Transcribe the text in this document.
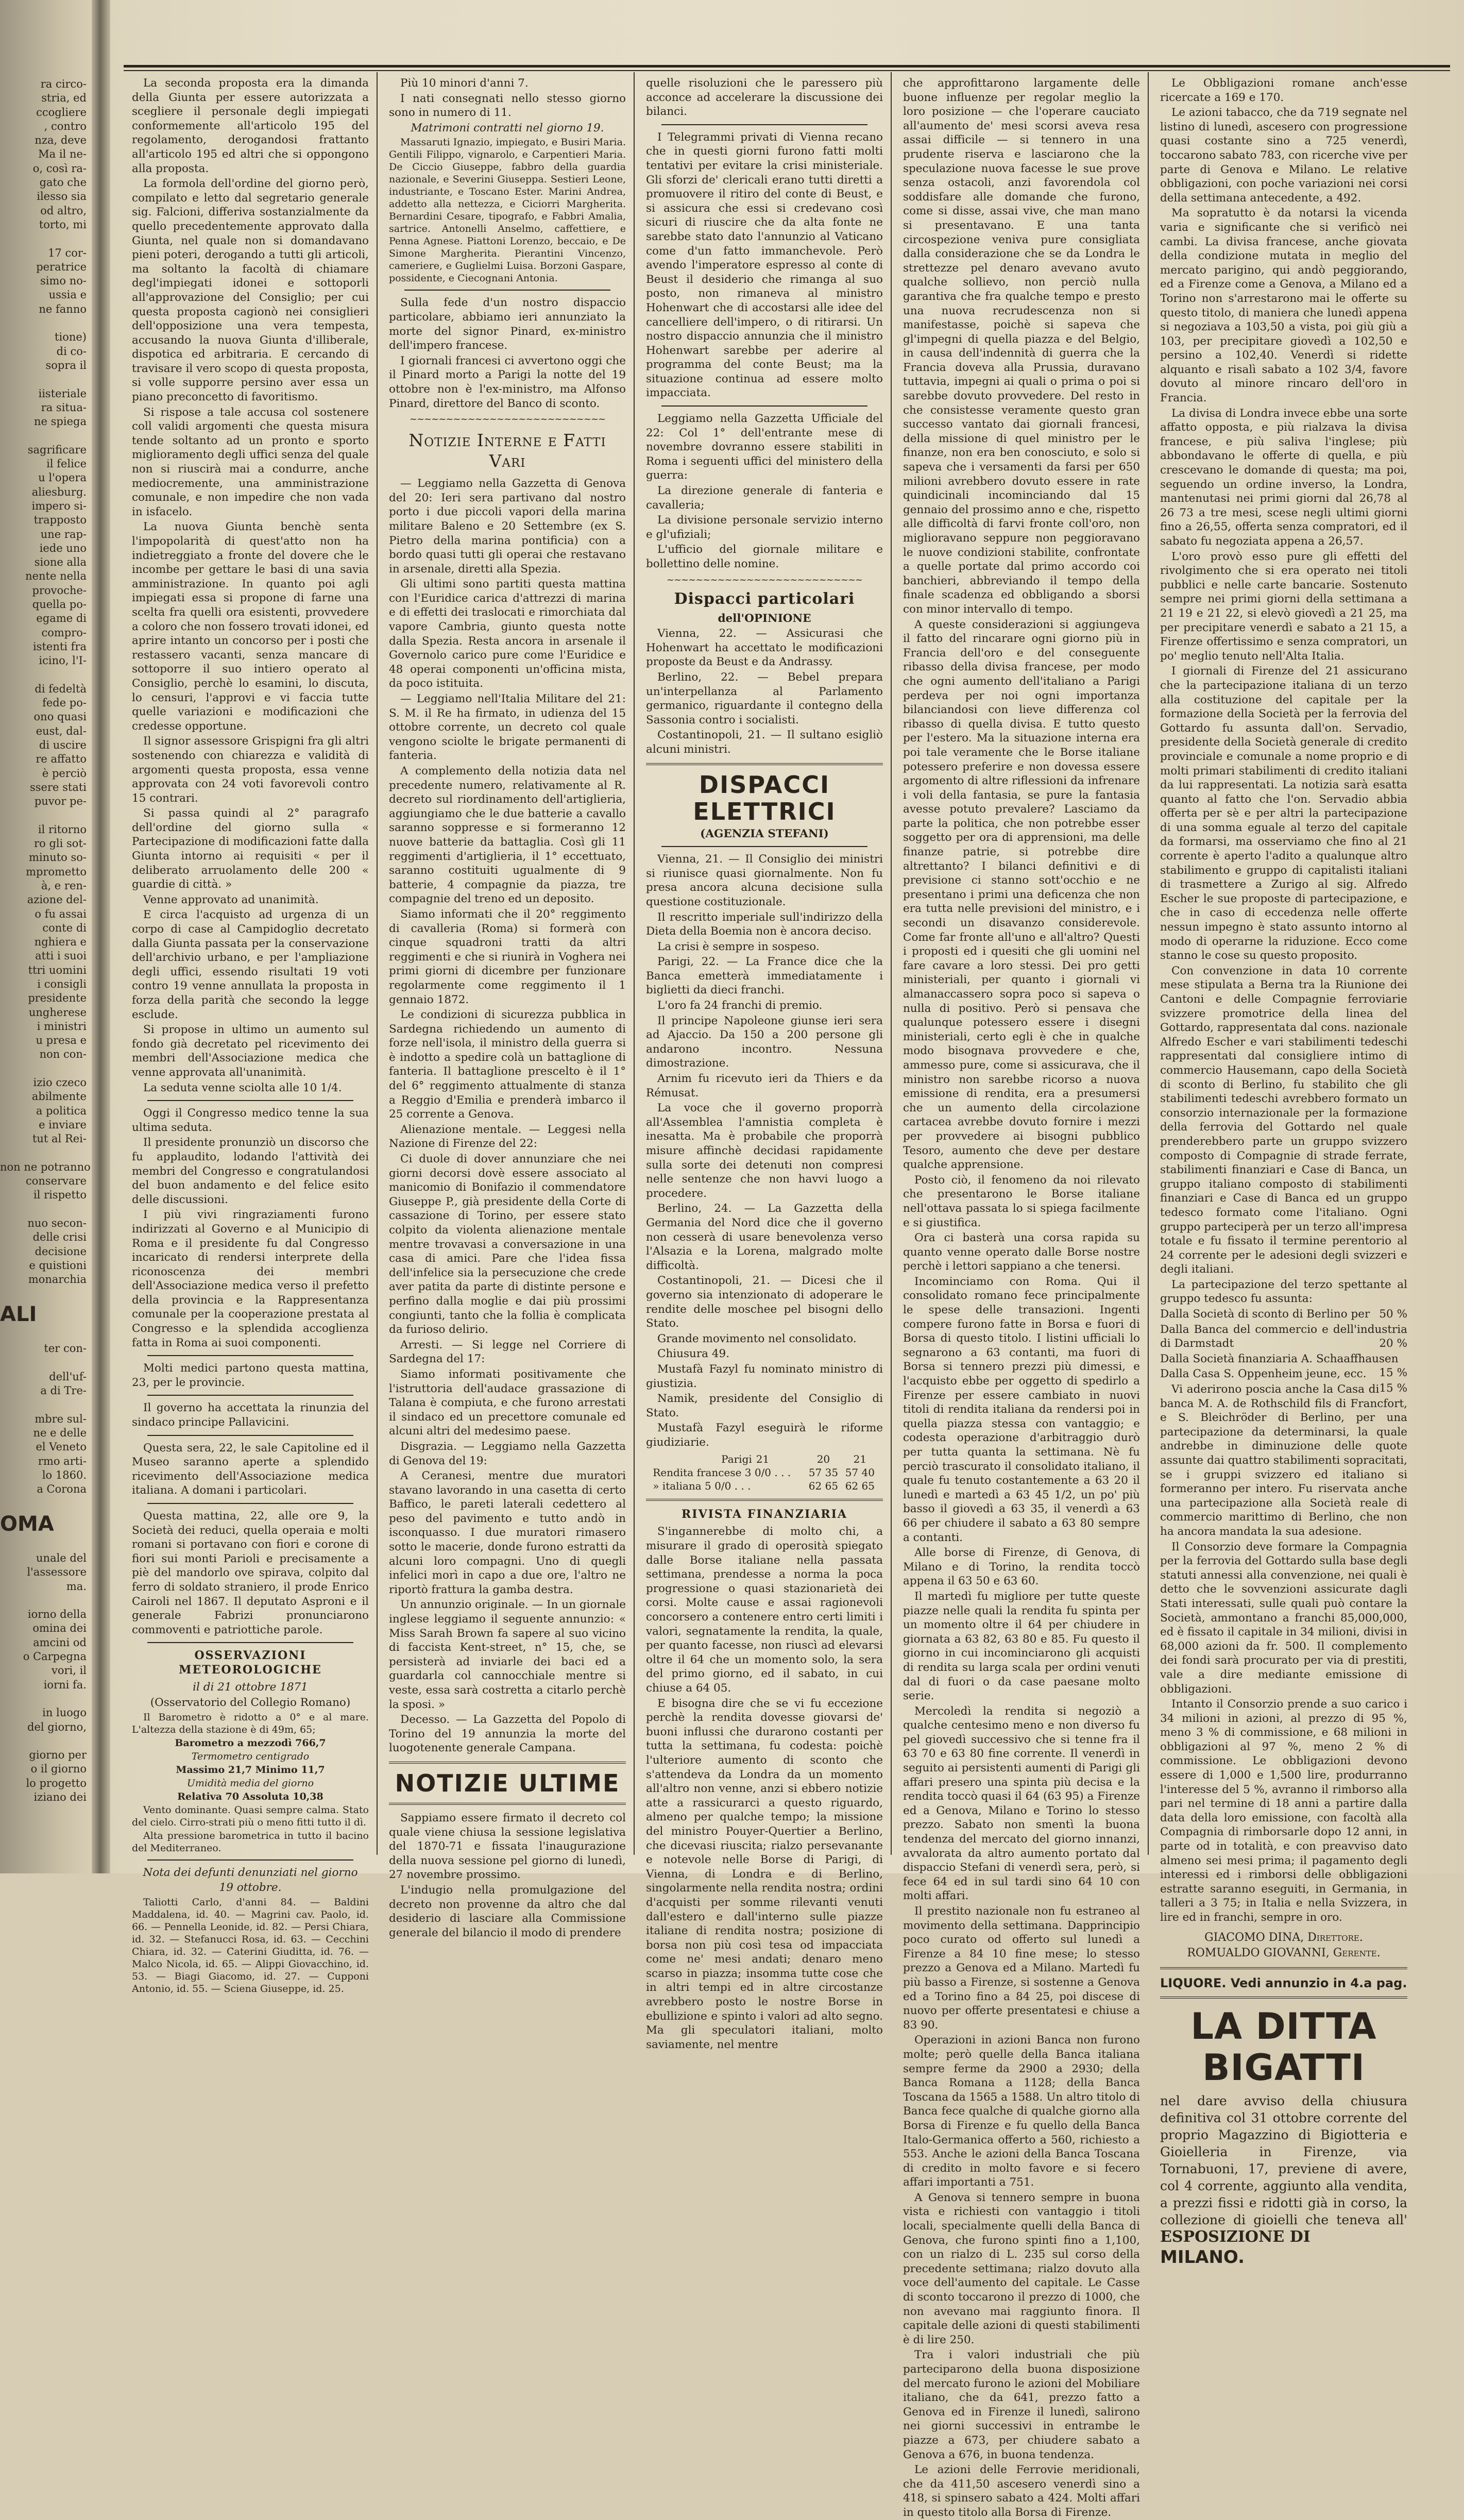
ra circo-

stria, ed

ccogliere

, contro

nza, deve

Ma il ne-

o, così ra-

gato che

ilesso sia

od altro,

torto, mi

17 cor-

peratrice

simo no-

ussia e

ne fanno

tione)

di co-

sopra il

iisteriale

ra situa-

ne spiega

sagrificare

il felice

u l'opera

aliesburg.

impero si-

trapposto

une rap-

iede uno

sione alla

nente nella

provoche-

quella po-

egame di

compro-

istenti fra

icino, l'I-

di fedeltà

fede po-

ono quasi

eust, dal-

di uscire

re affatto

è perciò

ssere stati

puvor pe-

il ritorno

ro gli sot-

minuto so-

mprometto

à, e ren-

azione del-

o fu assai

conte di

nghiera e

atti i suoi

ttri uomini

i consigli

presidente

ungherese

i ministri

u presa e

non con-

izio czeco

abilmente

a politica

e inviare

tut al Rei-

non ne potranno

conservare

il rispetto

nuo secon-

delle crisi

decisione

e quistioni

monarchia

ALI

ter con-

dell'uf-

a di Tre-

mbre sul-

ne e delle

el Veneto

rmo arti-

lo 1860.

a Corona

OMA

unale del

l'assessore

ma.

iorno della

omina dei

amcini od

o Carpegna

vori, il

iorni fa.

in luogo

del giorno,

giorno per

o il giorno

lo progetto

iziano dei

La seconda proposta era la dimanda della Giunta per essere autorizzata a scegliere il personale degli impiegati conformemente all'articolo 195 del regolamento, derogandosi frattanto all'articolo 195 ed altri che si oppongono alla proposta.

La formola dell'ordine del giorno però, compilato e letto dal segretario generale sig. Falcioni, differiva sostanzialmente da quello precedentemente approvato dalla Giunta, nel quale non si domandavano pieni poteri, derogando a tutti gli articoli, ma soltanto la facoltà di chiamare degl'impiegati idonei e sottoporli all'approvazione del Consiglio; per cui questa proposta cagionò nei consiglieri dell'opposizione una vera tempesta, accusando la nuova Giunta d'illiberale, dispotica ed arbitraria. E cercando di travisare il vero scopo di questa proposta, si volle supporre persino aver essa un piano preconcetto di favoritismo.

Si rispose a tale accusa col sostenere coll validi argomenti che questa misura tende soltanto ad un pronto e sporto miglioramento degli uffici senza del quale non si riuscirà mai a condurre, anche mediocremente, una amministrazione comunale, e non impedire che non vada in isfacelo.

La nuova Giunta benchè senta l'impopolarità di quest'atto non ha indietreggiato a fronte del dovere che le incombe per gettare le basi di una savia amministrazione. In quanto poi agli impiegati essa si propone di farne una scelta fra quelli ora esistenti, provvedere a coloro che non fossero trovati idonei, ed aprire intanto un concorso per i posti che restassero vacanti, senza mancare di sottoporre il suo intiero operato al Consiglio, perchè lo esamini, lo discuta, lo censuri, l'approvi e vi faccia tutte quelle variazioni e modificazioni che credesse opportune.

Il signor assessore Grispigni fra gli altri sostenendo con chiarezza e validità di argomenti questa proposta, essa venne approvata con 24 voti favorevoli contro 15 contrari.

Si passa quindi al 2° paragrafo dell'ordine del giorno sulla « Partecipazione di modificazioni fatte dalla Giunta intorno ai requisiti « per il deliberato arruolamento delle 200 « guardie di città. »

Venne approvato ad unanimità.

E circa l'acquisto ad urgenza di un corpo di case al Campidoglio decretato dalla Giunta passata per la conservazione dell'archivio urbano, e per l'ampliazione degli uffici, essendo risultati 19 voti contro 19 venne annullata la proposta in forza della parità che secondo la legge esclude.

Si propose in ultimo un aumento sul fondo già decretato pel ricevimento dei membri dell'Associazione medica che venne approvata all'unanimità.

La seduta venne sciolta alle 10 1/4.

Oggi il Congresso medico tenne la sua ultima seduta.

Il presidente pronunziò un discorso che fu applaudito, lodando l'attività dei membri del Congresso e congratulandosi del buon andamento e del felice esito delle discussioni.

I più vivi ringraziamenti furono indirizzati al Governo e al Municipio di Roma e il presidente fu dal Congresso incaricato di rendersi interprete della riconoscenza dei membri dell'Associazione medica verso il prefetto della provincia e la Rappresentanza comunale per la cooperazione prestata al Congresso e la splendida accoglienza fatta in Roma ai suoi componenti.

Molti medici partono questa mattina, 23, per le provincie.

Il governo ha accettata la rinunzia del sindaco principe Pallavicini.

Questa sera, 22, le sale Capitoline ed il Museo saranno aperte a splendido ricevimento dell'Associazione medica italiana. A domani i particolari.

Questa mattina, 22, alle ore 9, la Società dei reduci, quella operaia e molti romani si portavano con fiori e corone di fiori sui monti Parioli e precisamente a piè del mandorlo ove spirava, colpito dal ferro di soldato straniero, il prode Enrico Cairoli nel 1867. Il deputato Asproni e il generale Fabrizi pronunciarono commoventi e patriottiche parole.

OSSERVAZIONI METEOROLOGICHE

il di 21 ottobre 1871

(Osservatorio del Collegio Romano)

Il Barometro è ridotto a 0° e al mare. L'altezza della stazione è di 49m, 65;

Barometro a mezzodì 766,7

Termometro centigrado

Massimo 21,7 Minimo 11,7

Umidità media del giorno

Relativa 70 Assoluta 10,38

Vento dominante. Quasi sempre calma. Stato del cielo. Cirro-strati più o meno fitti tutto il dì.

Alta pressione barometrica in tutto il bacino del Mediterraneo.

Nota dei defunti denunziati nel giorno

19 ottobre.

Taliotti Carlo, d'anni 84. — Baldini Maddalena, id. 40. — Magrini cav. Paolo, id. 66. — Pennella Leonide, id. 82. — Persi Chiara, id. 32. — Stefanucci Rosa, id. 63. — Cecchini Chiara, id. 32. — Caterini Giuditta, id. 76. — Malco Nicola, id. 65. — Alippi Giovacchino, id. 53. — Biagi Giacomo, id. 27. — Cupponi Antonio, id. 55. — Sciena Giuseppe, id. 25.

Più 10 minori d'anni 7.

I nati consegnati nello stesso giorno sono in numero di 11.

Matrimoni contratti nel giorno 19.

Massaruti Ignazio, impiegato, e Busiri Maria. Gentili Filippo, vignarolo, e Carpentieri Maria. De Ciccio Giuseppe, fabbro della guardia nazionale, e Severini Giuseppa. Sestieri Leone, industriante, e Toscano Ester. Marini Andrea, addetto alla nettezza, e Ciciorri Margherita. Bernardini Cesare, tipografo, e Fabbri Amalia, sartrice. Antonelli Anselmo, caffettiere, e Penna Agnese. Piattoni Lorenzo, beccaio, e De Simone Margherita. Pierantini Vincenzo, cameriere, e Guglielmi Luisa. Borzoni Gaspare, possidente, e Ciecognani Antonia.

Sulla fede d'un nostro dispaccio particolare, abbiamo ieri annunziato la morte del signor Pinard, ex-ministro dell'impero francese.

I giornali francesi ci avvertono oggi che il Pinard morto a Parigi la notte del 19 ottobre non è l'ex-ministro, ma Alfonso Pinard, direttore del Banco di sconto.

~~~~~~~~~~~~~~~~~~~~~~~~~~~
Notizie Interne e Fatti Vari

— Leggiamo nella Gazzetta di Genova del 20: Ieri sera partivano dal nostro porto i due piccoli vapori della marina militare Baleno e 20 Settembre (ex S. Pietro della marina pontificia) con a bordo quasi tutti gli operai che restavano in arsenale, diretti alla Spezia.

Gli ultimi sono partiti questa mattina con l'Euridice carica d'attrezzi di marina e di effetti dei traslocati e rimorchiata dal vapore Cambria, giunto questa notte dalla Spezia. Resta ancora in arsenale il Governolo carico pure come l'Euridice e 48 operai componenti un'officina mista, da poco istituita.

— Leggiamo nell'Italia Militare del 21: S. M. il Re ha firmato, in udienza del 15 ottobre corrente, un decreto col quale vengono sciolte le brigate permanenti di fanteria.

A complemento della notizia data nel precedente numero, relativamente al R. decreto sul riordinamento dell'artiglieria, aggiungiamo che le due batterie a cavallo saranno soppresse e si formeranno 12 nuove batterie da battaglia. Così gli 11 reggimenti d'artiglieria, il 1° eccettuato, saranno costituiti ugualmente di 9 batterie, 4 compagnie da piazza, tre compagnie del treno ed un deposito.

Siamo informati che il 20° reggimento di cavalleria (Roma) si formerà con cinque squadroni tratti da altri reggimenti e che si riunirà in Voghera nei primi giorni di dicembre per funzionare regolarmente come reggimento il 1 gennaio 1872.

Le condizioni di sicurezza pubblica in Sardegna richiedendo un aumento di forze nell'isola, il ministro della guerra si è indotto a spedire colà un battaglione di fanteria. Il battaglione prescelto è il 1° del 6° reggimento attualmente di stanza a Reggio d'Emilia e prenderà imbarco il 25 corrente a Genova.

Alienazione mentale. — Leggesi nella Nazione di Firenze del 22:

Ci duole di dover annunziare che nei giorni decorsi dovè essere associato al manicomio di Bonifazio il commendatore Giuseppe P., già presidente della Corte di cassazione di Torino, per essere stato colpito da violenta alienazione mentale mentre trovavasi a conversazione in una casa di amici. Pare che l'idea fissa dell'infelice sia la persecuzione che crede aver patita da parte di distinte persone e perfino dalla moglie e dai più prossimi congiunti, tanto che la follia è complicata da furioso delirio.

Arresti. — Si legge nel Corriere di Sardegna del 17:

Siamo informati positivamente che l'istruttoria dell'audace grassazione di Talana è compiuta, e che furono arrestati il sindaco ed un precettore comunale ed alcuni altri del medesimo paese.

Disgrazia. — Leggiamo nella Gazzetta di Genova del 19:

A Ceranesi, mentre due muratori stavano lavorando in una casetta di certo Baffico, le pareti laterali cedettero al peso del pavimento e tutto andò in isconquasso. I due muratori rimasero sotto le macerie, donde furono estratti da alcuni loro compagni. Uno di quegli infelici morì in capo a due ore, l'altro ne riportò frattura la gamba destra.

Un annunzio originale. — In un giornale inglese leggiamo il seguente annunzio: « Miss Sarah Brown fa sapere al suo vicino di faccista Kent-street, n° 15, che, se persisterà ad inviarle dei baci ed a guardarla col cannocchiale mentre si veste, essa sarà costretta a citarlo perchè la sposi. »

Decesso. — La Gazzetta del Popolo di Torino del 19 annunzia la morte del luogotenente generale Campana.

NOTIZIE ULTIME

Sappiamo essere firmato il decreto col quale viene chiusa la sessione legislativa del 1870-71 e fissata l'inaugurazione della nuova sessione pel giorno di lunedì, 27 novembre prossimo.

L'indugio nella promulgazione del decreto non provenne da altro che dal desiderio di lasciare alla Commissione generale del bilancio il modo di prendere

quelle risoluzioni che le paressero più acconce ad accelerare la discussione dei bilanci.

I Telegrammi privati di Vienna recano che in questi giorni furono fatti molti tentativi per evitare la crisi ministeriale. Gli sforzi de' clericali erano tutti diretti a promuovere il ritiro del conte di Beust, e si assicura che essi si credevano così sicuri di riuscire che da alta fonte ne sarebbe stato dato l'annunzio al Vaticano come d'un fatto immanchevole. Però avendo l'imperatore espresso al conte di Beust il desiderio che rimanga al suo posto, non rimaneva al ministro Hohenwart che di accostarsi alle idee del cancelliere dell'impero, o di ritirarsi. Un nostro dispaccio annunzia che il ministro Hohenwart sarebbe per aderire al programma del conte Beust; ma la situazione continua ad essere molto impacciata.

Leggiamo nella Gazzetta Ufficiale del 22: Col 1° dell'entrante mese di novembre dovranno essere stabiliti in Roma i seguenti uffici del ministero della guerra:

La direzione generale di fanteria e cavalleria;

La divisione personale servizio interno e gl'ufiziali;

L'ufficio del giornale militare e bollettino delle nomine.

~~~~~~~~~~~~~~~~~~~~~~~~~~~
Dispacci particolari

dell'OPINIONE

Vienna, 22. — Assicurasi che Hohenwart ha accettato le modificazioni proposte da Beust e da Andrassy.

Berlino, 22. — Bebel prepara un'interpellanza al Parlamento germanico, riguardante il contegno della Sassonia contro i socialisti.

Costantinopoli, 21. — Il sultano esigliò alcuni ministri.

DISPACCI ELETTRICI

(AGENZIA STEFANI)

Vienna, 21. — Il Consiglio dei ministri si riunisce quasi giornalmente. Non fu presa ancora alcuna decisione sulla questione costituzionale.

Il rescritto imperiale sull'indirizzo della Dieta della Boemia non è ancora deciso.

La crisi è sempre in sospeso.

Parigi, 22. — La France dice che la Banca emetterà immediatamente i biglietti da dieci franchi.

L'oro fa 24 franchi di premio.

Il principe Napoleone giunse ieri sera ad Ajaccio. Da 150 a 200 persone gli andarono incontro. Nessuna dimostrazione.

Arnim fu ricevuto ieri da Thiers e da Rémusat.

La voce che il governo proporrà all'Assemblea l'amnistia completa è inesatta. Ma è probabile che proporrà misure affinchè decidasi rapidamente sulla sorte dei detenuti non compresi nelle sentenze che non havvi luogo a procedere.

Berlino, 24. — La Gazzetta della Germania del Nord dice che il governo non cesserà di usare benevolenza verso l'Alsazia e la Lorena, malgrado molte difficoltà.

Costantinopoli, 21. — Dicesi che il governo sia intenzionato di adoperare le rendite delle moschee pel bisogni dello Stato.

Grande movimento nel consolidato.

Chiusura 49.

Mustafà Fazyl fu nominato ministro di giustizia.

Namik, presidente del Consiglio di Stato.

Mustafà Fazyl eseguirà le riforme giudiziarie.

Parigi	21	20	21
Rendita francese 3 0/0 . . .		57 35	57 40
» italiana 5 0/0 . . .		62 65	62 65
RIVISTA FINANZIARIA

S'ingannerebbe di molto chi, a misurare il grado di operosità spiegato dalle Borse italiane nella passata settimana, prendesse a norma la poca progressione o quasi stazionarietà dei corsi. Molte cause e assai ragionevoli concorsero a contenere entro certi limiti i valori, segnatamente la rendita, la quale, per quanto facesse, non riuscì ad elevarsi oltre il 64 che un momento solo, la sera del primo giorno, ed il sabato, in cui chiuse a 64 05.

E bisogna dire che se vi fu eccezione perchè la rendita dovesse giovarsi de' buoni influssi che durarono costanti per tutta la settimana, fu codesta: poichè l'ulteriore aumento di sconto che s'attendeva da Londra da un momento all'altro non venne, anzi si ebbero notizie atte a rassicurarci a questo riguardo, almeno per qualche tempo; la missione del ministro Pouyer-Quertier a Berlino, che dicevasi riuscita; rialzo persevanante e notevole nelle Borse di Parigi, di Vienna, di Londra e di Berlino, singolarmente nella rendita nostra; ordini d'acquisti per somme rilevanti venuti dall'estero e dall'interno sulle piazze italiane di rendita nostra; posizione di borsa non più così tesa od impacciata come ne' mesi andati; denaro meno scarso in piazza; insomma tutte cose che in altri tempi ed in altre circostanze avrebbero posto le nostre Borse in ebullizione e spinto i valori ad alto segno. Ma gli speculatori italiani, molto saviamente, nel mentre

che approfittarono largamente delle buone influenze per regolar meglio la loro posizione — che l'operare cauciato all'aumento de' mesi scorsi aveva resa assai difficile — si tennero in una prudente riserva e lasciarono che la speculazione nuova facesse le sue prove senza ostacoli, anzi favorendola col soddisfare alle domande che furono, come si disse, assai vive, che man mano si presentavano. E una tanta circospezione veniva pure consigliata dalla considerazione che se da Londra le strettezze pel denaro avevano avuto qualche sollievo, non perciò nulla garantiva che fra qualche tempo e presto una nuova recrudescenza non si manifestasse, poichè si sapeva che gl'impegni di quella piazza e del Belgio, in causa dell'indennità di guerra che la Francia doveva alla Prussia, duravano tuttavia, impegni ai quali o prima o poi si sarebbe dovuto provvedere. Del resto in che consistesse veramente questo gran successo vantato dai giornali francesi, della missione di quel ministro per le finanze, non era ben conosciuto, e solo si sapeva che i versamenti da farsi per 650 milioni avrebbero dovuto essere in rate quindicinali incominciando dal 15 gennaio del prossimo anno e che, rispetto alle difficoltà di farvi fronte coll'oro, non miglioravano seppure non peggioravano le nuove condizioni stabilite, confrontate a quelle portate dal primo accordo coi banchieri, abbreviando il tempo della finale scadenza ed obbligando a sborsi con minor intervallo di tempo.

A queste considerazioni si aggiungeva il fatto del rincarare ogni giorno più in Francia dell'oro e del conseguente ribasso della divisa francese, per modo che ogni aumento dell'italiano a Parigi perdeva per noi ogni importanza bilanciandosi con lieve differenza col ribasso di quella divisa. E tutto questo per l'estero. Ma la situazione interna era poi tale veramente che le Borse italiane potessero preferire e non dovessa essere argomento di altre riflessioni da infrenare i voli della fantasia, se pure la fantasia avesse potuto prevalere? Lasciamo da parte la politica, che non potrebbe esser soggetto per ora di apprensioni, ma delle finanze patrie, si potrebbe dire altrettanto? I bilanci definitivi e di previsione ci stanno sott'occhio e ne presentano i primi una deficenza che non era tutta nelle previsioni del ministro, e i secondi un disavanzo considerevole. Come far fronte all'uno e all'altro? Questi i proposti ed i quesiti che gli uomini nel fare cavare a loro stessi. Dei pro getti ministeriali, per quanto i giornali vi almanaccassero sopra poco si sapeva o nulla di positivo. Però si pensava che qualunque potessero essere i disegni ministeriali, certo egli è che in qualche modo bisognava provvedere e che, ammesso pure, come si assicurava, che il ministro non sarebbe ricorso a nuova emissione di rendita, era a presumersi che un aumento della circolazione cartacea avrebbe dovuto fornire i mezzi per provvedere ai bisogni pubblico Tesoro, aumento che deve per destare qualche apprensione.

Posto ciò, il fenomeno da noi rilevato che presentarono le Borse italiane nell'ottava passata lo si spiega facilmente e si giustifica.

Ora ci basterà una corsa rapida su quanto venne operato dalle Borse nostre perchè i lettori sappiano a che tenersi.

Incominciamo con Roma. Qui il consolidato romano fece principalmente le spese delle transazioni. Ingenti compere furono fatte in Borsa e fuori di Borsa di questo titolo. I listini ufficiali lo segnarono a 63 contanti, ma fuori di Borsa si tennero prezzi più dimessi, e l'acquisto ebbe per oggetto di spedirlo a Firenze per essere cambiato in nuovi titoli di rendita italiana da rendersi poi in quella piazza stessa con vantaggio; e codesta operazione d'arbitraggio durò per tutta quanta la settimana. Nè fu perciò trascurato il consolidato italiano, il quale fu tenuto costantemente a 63 20 il lunedì e martedì a 63 45 1/2, un po' più basso il giovedì a 63 35, il venerdì a 63 66 per chiudere il sabato a 63 80 sempre a contanti.

Alle borse di Firenze, di Genova, di Milano e di Torino, la rendita toccò appena il 63 50 e 63 60.

Il martedì fu migliore per tutte queste piazze nelle quali la rendita fu spinta per un momento oltre il 64 per chiudere in giornata a 63 82, 63 80 e 85. Fu questo il giorno in cui incominciarono gli acquisti di rendita su larga scala per ordini venuti dal di fuori o da case paesane molto serie.

Mercoledì la rendita si negoziò a qualche centesimo meno e non diverso fu pel giovedì successivo che si tenne fra il 63 70 e 63 80 fine corrente. Il venerdì in seguito ai persistenti aumenti di Parigi gli affari presero una spinta più decisa e la rendita toccò quasi il 64 (63 95) a Firenze ed a Genova, Milano e Torino lo stesso prezzo. Sabato non smentì la buona tendenza del mercato del giorno innanzi, avvalorata da altro aumento portato dal dispaccio Stefani di venerdì sera, però, si fece 64 ed in sul tardi sino 64 10 con molti affari.

Il prestito nazionale non fu estraneo al movimento della settimana. Dapprincipio poco curato od offerto sul lunedì a Firenze a 84 10 fine mese; lo stesso prezzo a Genova ed a Milano. Martedì fu più basso a Firenze, si sostenne a Genova ed a Torino fino a 84 25, poi discese di nuovo per offerte presentatesi e chiuse a 83 90.

Operazioni in azioni Banca non furono molte; però quelle della Banca italiana sempre ferme da 2900 a 2930; della Banca Romana a 1128; della Banca Toscana da 1565 a 1588. Un altro titolo di Banca fece qualche di qualche giorno alla Borsa di Firenze e fu quello della Banca Italo-Germanica offerto a 560, richiesto a 553. Anche le azioni della Banca Toscana di credito in molto favore e si fecero affari importanti a 751.

A Genova si tennero sempre in buona vista e richiesti con vantaggio i titoli locali, specialmente quelli della Banca di Genova, che furono spinti fino a 1,100, con un rialzo di L. 235 sul corso della precedente settimana; rialzo dovuto alla voce dell'aumento del capitale. Le Casse di sconto toccarono il prezzo di 1000, che non avevano mai raggiunto finora. Il capitale delle azioni di questi stabilimenti è di lire 250.

Tra i valori industriali che più parteciparono della buona disposizione del mercato furono le azioni del Mobiliare italiano, che da 641, prezzo fatto a Genova ed in Firenze il lunedì, salirono nei giorni successivi in entrambe le piazze a 673, per chiudere sabato a Genova a 676, in buona tendenza.

Le azioni delle Ferrovie meridionali, che da 411,50 ascesero venerdì sino a 418, si spinsero sabato a 424. Molti affari in questo titolo alla Borsa di Firenze.

Le Obbligazioni romane anch'esse ricercate a 169 e 170.

Le azioni tabacco, che da 719 segnate nel listino di lunedì, ascesero con progressione quasi costante sino a 725 venerdì, toccarono sabato 783, con ricerche vive per parte di Genova e Milano. Le relative obbligazioni, con poche variazioni nei corsi della settimana antecedente, a 492.

Ma sopratutto è da notarsi la vicenda varia e significante che si verificò nei cambi. La divisa francese, anche giovata della condizione mutata in meglio del mercato parigino, qui andò peggiorando, ed a Firenze come a Genova, a Milano ed a Torino non s'arrestarono mai le offerte su questo titolo, di maniera che lunedì appena si negoziava a 103,50 a vista, poi giù giù a 103, per precipitare giovedì a 102,50 e persino a 102,40. Venerdì si ridette alquanto e risalì sabato a 102 3/4, favore dovuto al minore rincaro dell'oro in Francia.

La divisa di Londra invece ebbe una sorte affatto opposta, e più rialzava la divisa francese, e più saliva l'inglese; più abbondavano le offerte di quella, e più crescevano le domande di questa; ma poi, seguendo un ordine inverso, la Londra, mantenutasi nei primi giorni dal 26,78 al 26 73 a tre mesi, scese negli ultimi giorni fino a 26,55, offerta senza compratori, ed il sabato fu negoziata appena a 26,57.

L'oro provò esso pure gli effetti del rivolgimento che si era operato nei titoli pubblici e nelle carte bancarie. Sostenuto sempre nei primi giorni della settimana a 21 19 e 21 22, si elevò giovedì a 21 25, ma per precipitare venerdì e sabato a 21 15, a Firenze offertissimo e senza compratori, un po' meglio tenuto nell'Alta Italia.

I giornali di Firenze del 21 assicurano che la partecipazione italiana di un terzo alla costituzione del capitale per la formazione della Società per la ferrovia del Gottardo fu assunta dall'on. Servadio, presidente della Società generale di credito provinciale e comunale a nome proprio e di molti primari stabilimenti di credito italiani da lui rappresentati. La notizia sarà esatta quanto al fatto che l'on. Servadio abbia offerta per sè e per altri la partecipazione di una somma eguale al terzo del capitale da formarsi, ma osserviamo che fino al 21 corrente è aperto l'adito a qualunque altro stabilimento e gruppo di capitalisti italiani di trasmettere a Zurigo al sig. Alfredo Escher le sue proposte di partecipazione, e che in caso di eccedenza nelle offerte nessun impegno è stato assunto intorno al modo di operarne la riduzione. Ecco come stanno le cose su questo proposito.

Con convenzione in data 10 corrente mese stipulata a Berna tra la Riunione dei Cantoni e delle Compagnie ferroviarie svizzere promotrice della linea del Gottardo, rappresentata dal cons. nazionale Alfredo Escher e vari stabilimenti tedeschi rappresentati dal consigliere intimo di commercio Hausemann, capo della Società di sconto di Berlino, fu stabilito che gli stabilimenti tedeschi avrebbero formato un consorzio internazionale per la formazione della ferrovia del Gottardo nel quale prenderebbero parte un gruppo svizzero composto di Compagnie di strade ferrate, stabilimenti finanziari e Case di Banca, un gruppo italiano composto di stabilimenti finanziari e Case di Banca ed un gruppo tedesco formato come l'italiano. Ogni gruppo parteciperà per un terzo all'impresa totale e fu fissato il termine perentorio al 24 corrente per le adesioni degli svizzeri e degli italiani.

La partecipazione del terzo spettante al gruppo tedesco fu assunta:

Dalla Società di sconto di Berlino per 50 %

Dalla Banca del commercio e dell'industria di Darmstadt	20 %

Dalla Società finanziaria A. Schaaffhausen
15 %

Dalla Casa S. Oppenheim jeune, ecc.
15 %

Vi aderirono poscia anche la Casa di banca M. A. de Rothschild fils di Francfort, e S. Bleichröder di Berlino, per una partecipazione da determinarsi, la quale andrebbe in diminuzione delle quote assunte dai quattro stabilimenti sopracitati, se i gruppi svizzero ed italiano si formeranno per intero. Fu riservata anche una partecipazione alla Società reale di commercio marittimo di Berlino, che non ha ancora mandata la sua adesione.

Il Consorzio deve formare la Compagnia per la ferrovia del Gottardo sulla base degli statuti annessi alla convenzione, nei quali è detto che le sovvenzioni assicurate dagli Stati interessati, sulle quali può contare la Società, ammontano a franchi 85,000,000, ed è fissato il capitale in 34 milioni, divisi in 68,000 azioni da fr. 500. Il complemento dei fondi sarà procurato per via di prestiti, vale a dire mediante emissione di obbligazioni.

Intanto il Consorzio prende a suo carico i 34 milioni in azioni, al prezzo di 95 %, meno 3 % di commissione, e 68 milioni in obbligazioni al 97 %, meno 2 % di commissione. Le obbligazioni devono essere di 1,000 e 1,500 lire, produrranno l'interesse del 5 %, avranno il rimborso alla pari nel termine di 18 anni a partire dalla data della loro emissione, con facoltà alla Compagnia di rimborsarle dopo 12 anni, in parte od in totalità, e con preavviso dato almeno sei mesi prima; il pagamento degli interessi ed i rimborsi delle obbligazioni estratte saranno eseguiti, in Germania, in talleri a 3 75; in Italia e nella Svizzera, in lire ed in franchi, sempre in oro.

GIACOMO DINA, Direttore.
ROMUALDO GIOVANNI, Gerente.
LIQUORE. Vedi annunzio in 4.a pag.
LA DITTA BIGATTI

nel dare avviso della chiusura definitiva col 31 ottobre corrente del proprio Magazzino di Bigiotteria e Gioielleria in Firenze, via Tornabuoni, 17, previene di avere, col 4 corrente, aggiunto alla vendita, a prezzi fissi e ridotti già in corso, la collezione di gioielli che teneva all' ESPOSIZIONE DI

MILANO.
